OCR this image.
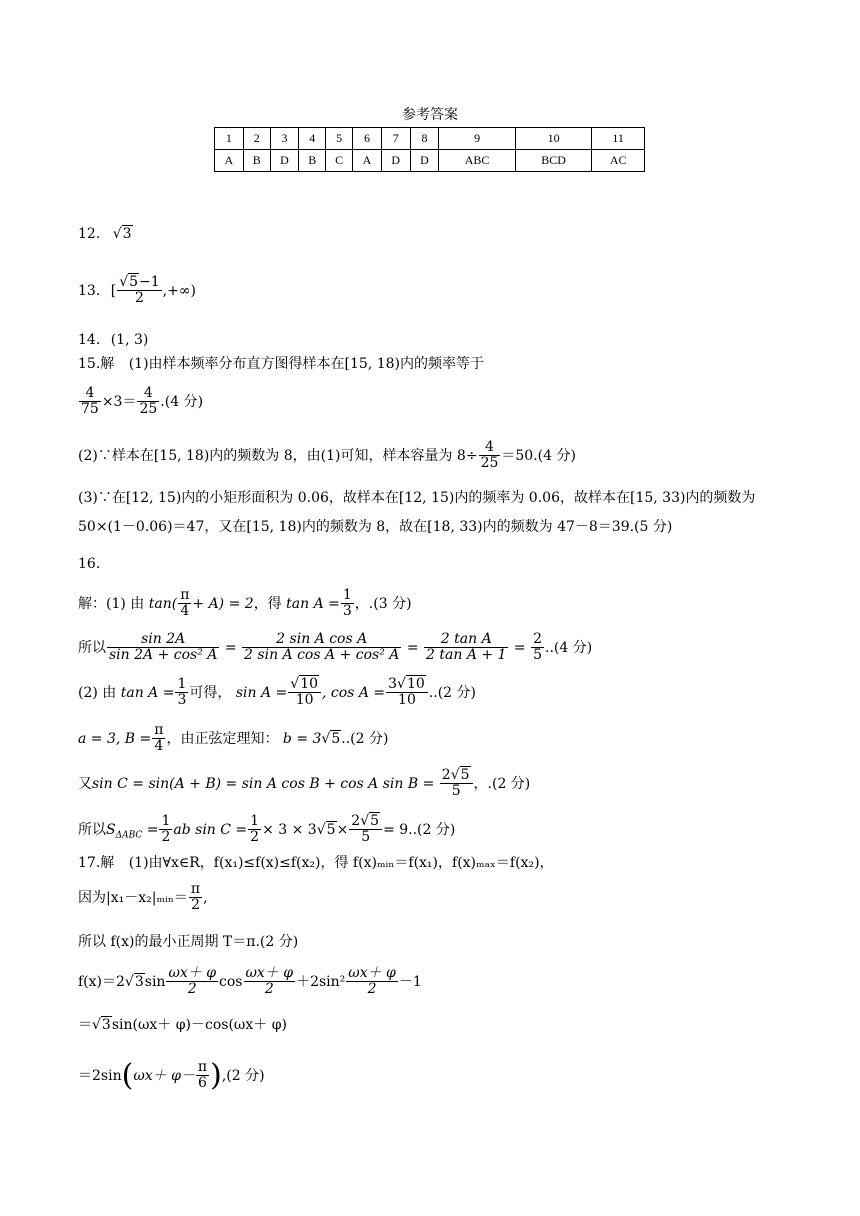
参考答案
1	2	3	4	5	6	7	8	9	10	11
A	B	D	B	C	A	D	D	ABC	BCD	AC
12. √3
13. [ $\frac{√5-1}{2}$ ,+∞)
14. (1, 3)
15.解 (1)由样本频率分布直方图得样本在[15, 18)内的频率等于
$\frac{4}{75} \times 3= \frac{4}{25} .(4$ 分)
(2)∵样本在[15, 18)内的频数为 8，由(1)可知，样本容量为 $8\div \frac{4}{25} =50.(4$ 分)
(3)∵在[12, 15)内的小矩形面积为 0.06，故样本在[12, 15)内的频率为 0.06，故样本在[15, 33)内的频数为
50×(1－0.06)＝47，又在[15, 18)内的频数为 8，故在[18, 33)内的频数为 47－8＝39.(5 分)
16.
解：(1) 由 $\tan( \frac{\pi}{4} + A) = 2$，得 $\tan A = \frac{1}{3}$ ，.(3 分)
所以 $\frac{\sin 2A}{\text{sin 2A + cos² A}} = \frac{\text{2 sin A cos A}}{\text{2 sin A cos A + cos² A}} = \frac{\text{2 tan A}}{\text{2 tan A + 1}} = \frac{2}{5} ..(4$ 分)
(2) 由 $\tan A = \frac{1}{3}$ 可得， $\sin A = \frac{√10}{10}$ , $\cos A = \frac{3√10}{10} ..(2$ 分)
a = 3, $B = \frac{\pi}{4}$ ，由正弦定理知： b = 3√5..(2 分)
又sin C = sin(A + B) = sin A cos B + cos A $\sin B = \frac{2√5}{5}$ ，.(2 分)
所以$S_{\Delta ABC} = \frac{1}{2}$ ab $\sin C = \frac{1}{2} \times 3 \times 3√5\times \frac{2√5}{5} = 9..(2$ 分)
17.解 (1)由∀x∈R，f(x₁)≤f(x)≤f(x₂)，得 f(x)ₘᵢₙ＝f(x₁)，f(x)ₘₐₓ＝f(x₂)，
因为|x₁－x₂|ₘᵢₙ＝ $\frac{\pi}{2}$ ,
所以 f(x)的最小正周期 T＝π.(2 分)
$f(x)=2√3\sin \frac{\omega x+ \varphi}{2}$ $\cos \frac{\omega x+ \varphi}{2} +2\sin^2 \frac{\omega x+ \varphi}{2} -1$
＝√3sin(ωx＋ φ)－cos(ωx＋ φ)
$=2\sin(\omega x+ \varphi- \frac{\pi}{6} ),(2$ 分)
